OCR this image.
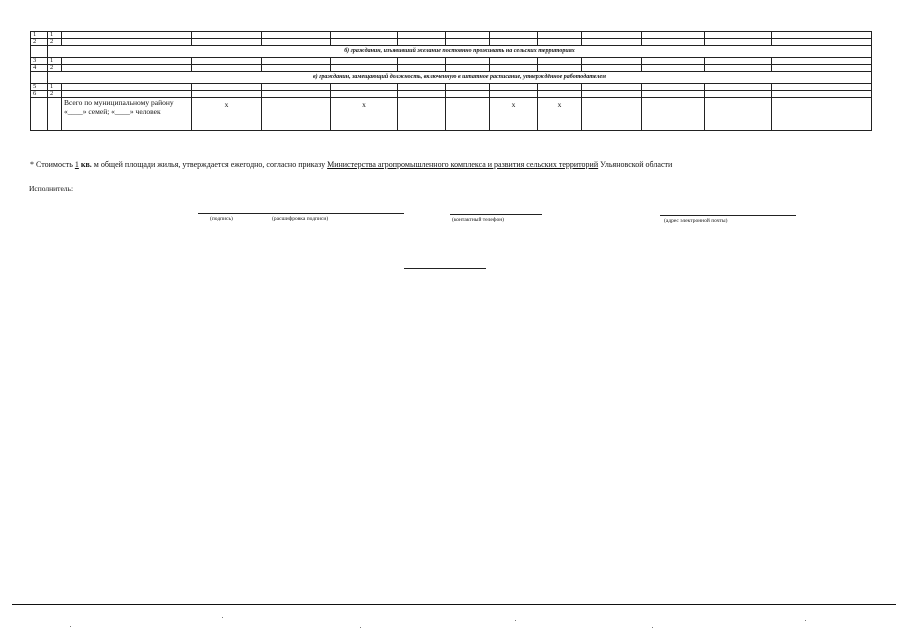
1	1												
2	2												
	б) гражданин, изъявивший желание постоянно проживать на сельских территориях												
3	1												
4	2												
	в) гражданин, замещающий должность, включенную в штатное расписание, утверждённое работодателем												
5	1												
6	2												
		Всего по муниципальному району «____» семей; «____» человек	x		x			x	x				
* Стоимость 1 кв. м общей площади жилья, утверждается ежегодно, согласно приказу Министерства агропромышленного комплекса и развития сельских территорий Ульяновской области
Исполнитель:
(подпись)	(расшифровка подписи)	(контактный телефон)	(адрес электронной почты)
